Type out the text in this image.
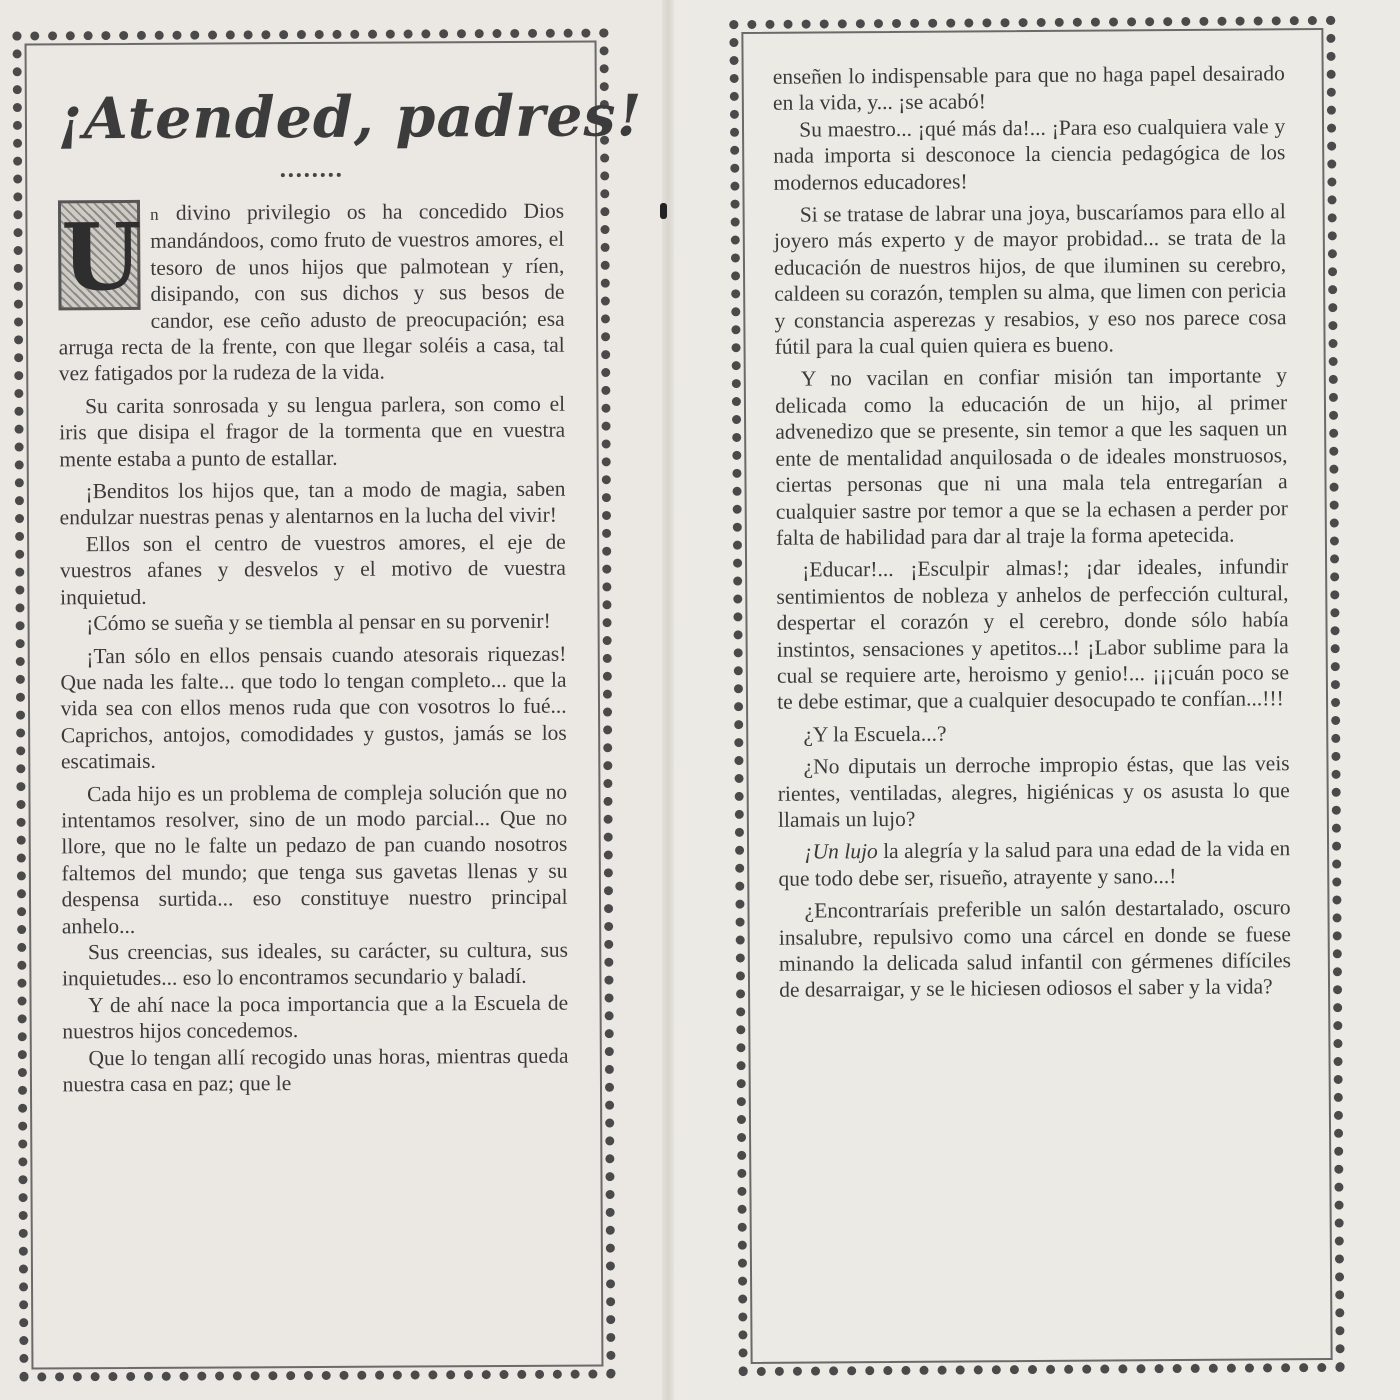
¡Atended, padres!

U n divino privilegio os ha concedido Dios mandándoos, como fruto de vuestros amores, el tesoro de unos hijos que palmotean y ríen, disipando, con sus dichos y sus besos de candor, ese ceño adusto de preocupación; esa arruga recta de la frente, con que llegar soléis a casa, tal vez fatigados por la rudeza de la vida.

Su carita sonrosada y su lengua parlera, son como el iris que disipa el fragor de la tormenta que en vuestra mente estaba a punto de estallar.

¡Benditos los hijos que, tan a modo de magia, saben endulzar nuestras penas y alentarnos en la lucha del vivir!

Ellos son el centro de vuestros amores, el eje de vuestros afanes y desvelos y el motivo de vuestra inquietud.

¡Cómo se sueña y se tiembla al pensar en su porvenir!

¡Tan sólo en ellos pensais cuando atesorais riquezas! Que nada les falte... que todo lo tengan completo... que la vida sea con ellos menos ruda que con vosotros lo fué... Caprichos, antojos, comodidades y gustos, jamás se los escatimais.

Cada hijo es un problema de compleja solución que no intentamos resolver, sino de un modo parcial... Que no llore, que no le falte un pedazo de pan cuando nosotros faltemos del mundo; que tenga sus gavetas llenas y su despensa surtida... eso constituye nuestro principal anhelo...

Sus creencias, sus ideales, su carácter, su cultura, sus inquietudes... eso lo encontramos secundario y baladí.

Y de ahí nace la poca importancia que a la Escuela de nuestros hijos concedemos.

Que lo tengan allí recogido unas horas, mientras queda nuestra casa en paz; que le

enseñen lo indispensable para que no haga papel desairado en la vida, y... ¡se acabó!

Su maestro... ¡qué más da!... ¡Para eso cualquiera vale y nada importa si desconoce la ciencia pedagógica de los modernos educadores!

Si se tratase de labrar una joya, buscaríamos para ello al joyero más experto y de mayor probidad... se trata de la educación de nuestros hijos, de que iluminen su cerebro, caldeen su corazón, templen su alma, que limen con pericia y constancia asperezas y resabios, y eso nos parece cosa fútil para la cual quien quiera es bueno.

Y no vacilan en confiar misión tan importante y delicada como la educación de un hijo, al primer advenedizo que se presente, sin temor a que les saquen un ente de mentalidad anquilosada o de ideales monstruosos, ciertas personas que ni una mala tela entregarían a cualquier sastre por temor a que se la echasen a perder por falta de habilidad para dar al traje la forma apetecida.

¡Educar!... ¡Esculpir almas!; ¡dar ideales, infundir sentimientos de nobleza y anhelos de perfección cultural, despertar el corazón y el cerebro, donde sólo había instintos, sensaciones y apetitos...! ¡Labor sublime para la cual se requiere arte, heroismo y genio!... ¡¡¡cuán poco se te debe estimar, que a cualquier desocupado te confían...!!!

¿Y la Escuela...?

¿No diputais un derroche impropio éstas, que las veis rientes, ventiladas, alegres, higiénicas y os asusta lo que llamais un lujo?

¡Un lujo la alegría y la salud para una edad de la vida en que todo debe ser, risueño, atrayente y sano...!

¿Encontraríais preferible un salón destartalado, oscuro insalubre, repulsivo como una cárcel en donde se fuese minando la delicada salud infantil con gérmenes difíciles de desarraigar, y se le hiciesen odiosos el saber y la vida?
